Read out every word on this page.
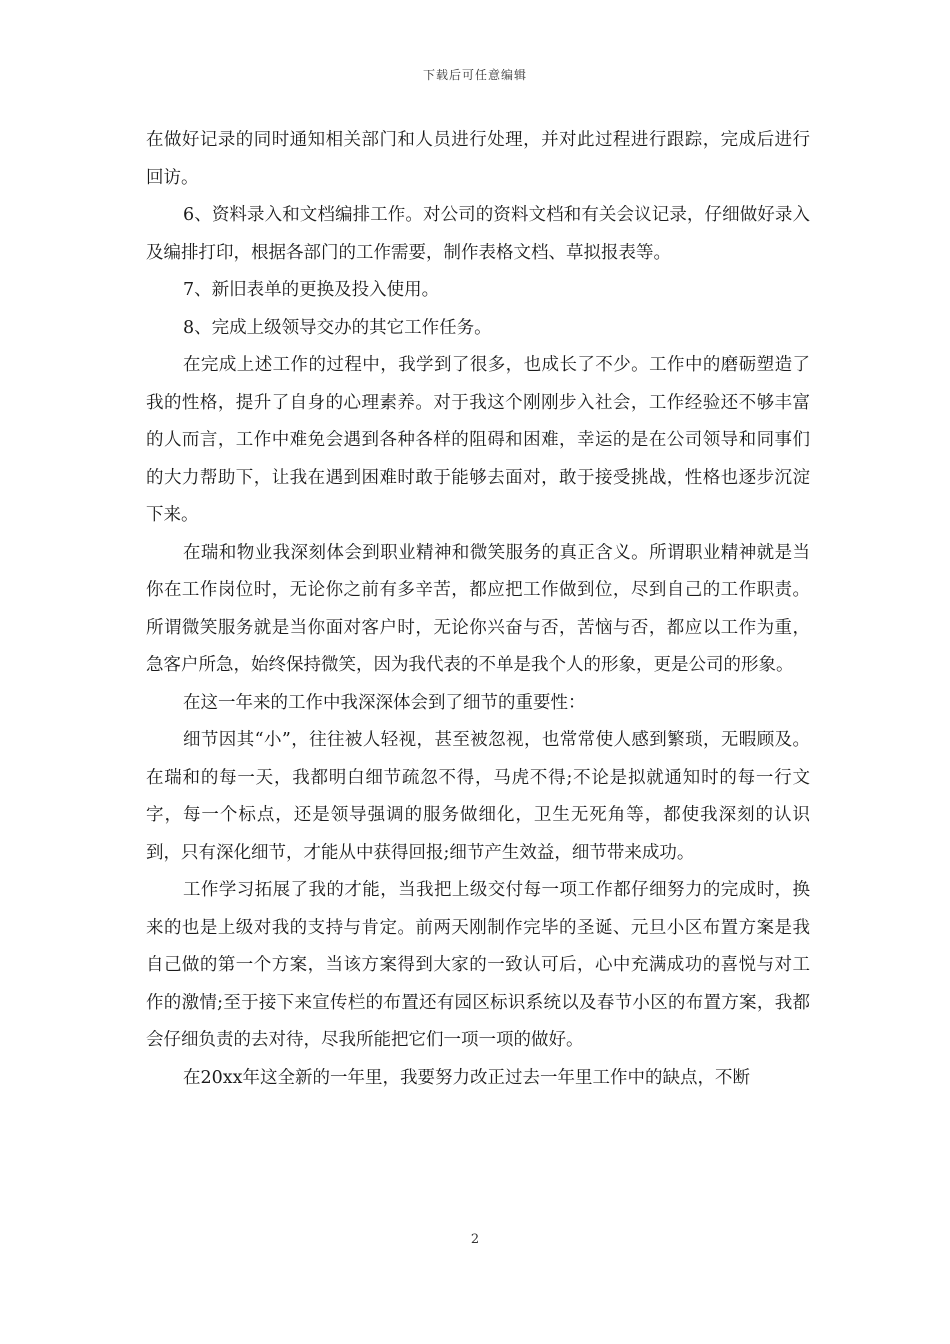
下载后可任意编辑

在做好记录的同时通知相关部门和人员进行处理，并对此过程进行跟踪，完成后进行回访。

6、资料录入和文档编排工作。对公司的资料文档和有关会议记录，仔细做好录入及编排打印，根据各部门的工作需要，制作表格文档、草拟报表等。

7、新旧表单的更换及投入使用。

8、完成上级领导交办的其它工作任务。

在完成上述工作的过程中，我学到了很多，也成长了不少。工作中的磨砺塑造了我的性格，提升了自身的心理素养。对于我这个刚刚步入社会，工作经验还不够丰富的人而言，工作中难免会遇到各种各样的阻碍和困难，幸运的是在公司领导和同事们的大力帮助下，让我在遇到困难时敢于能够去面对，敢于接受挑战，性格也逐步沉淀下来。

在瑞和物业我深刻体会到职业精神和微笑服务的真正含义。所谓职业精神就是当你在工作岗位时，无论你之前有多辛苦，都应把工作做到位，尽到自己的工作职责。所谓微笑服务就是当你面对客户时，无论你兴奋与否，苦恼与否，都应以工作为重，急客户所急，始终保持微笑，因为我代表的不单是我个人的形象，更是公司的形象。

在这一年来的工作中我深深体会到了细节的重要性：

细节因其“小”，往往被人轻视，甚至被忽视，也常常使人感到繁琐，无暇顾及。在瑞和的每一天，我都明白细节疏忽不得，马虎不得;不论是拟就通知时的每一行文字，每一个标点，还是领导强调的服务做细化，卫生无死角等，都使我深刻的认识到，只有深化细节，才能从中获得回报;细节产生效益，细节带来成功。

工作学习拓展了我的才能，当我把上级交付每一项工作都仔细努力的完成时，换来的也是上级对我的支持与肯定。前两天刚制作完毕的圣诞、元旦小区布置方案是我自己做的第一个方案，当该方案得到大家的一致认可后，心中充满成功的喜悦与对工作的激情;至于接下来宣传栏的布置还有园区标识系统以及春节小区的布置方案，我都会仔细负责的去对待，尽我所能把它们一项一项的做好。

在20xx年这全新的一年里，我要努力改正过去一年里工作中的缺点，不断

2
